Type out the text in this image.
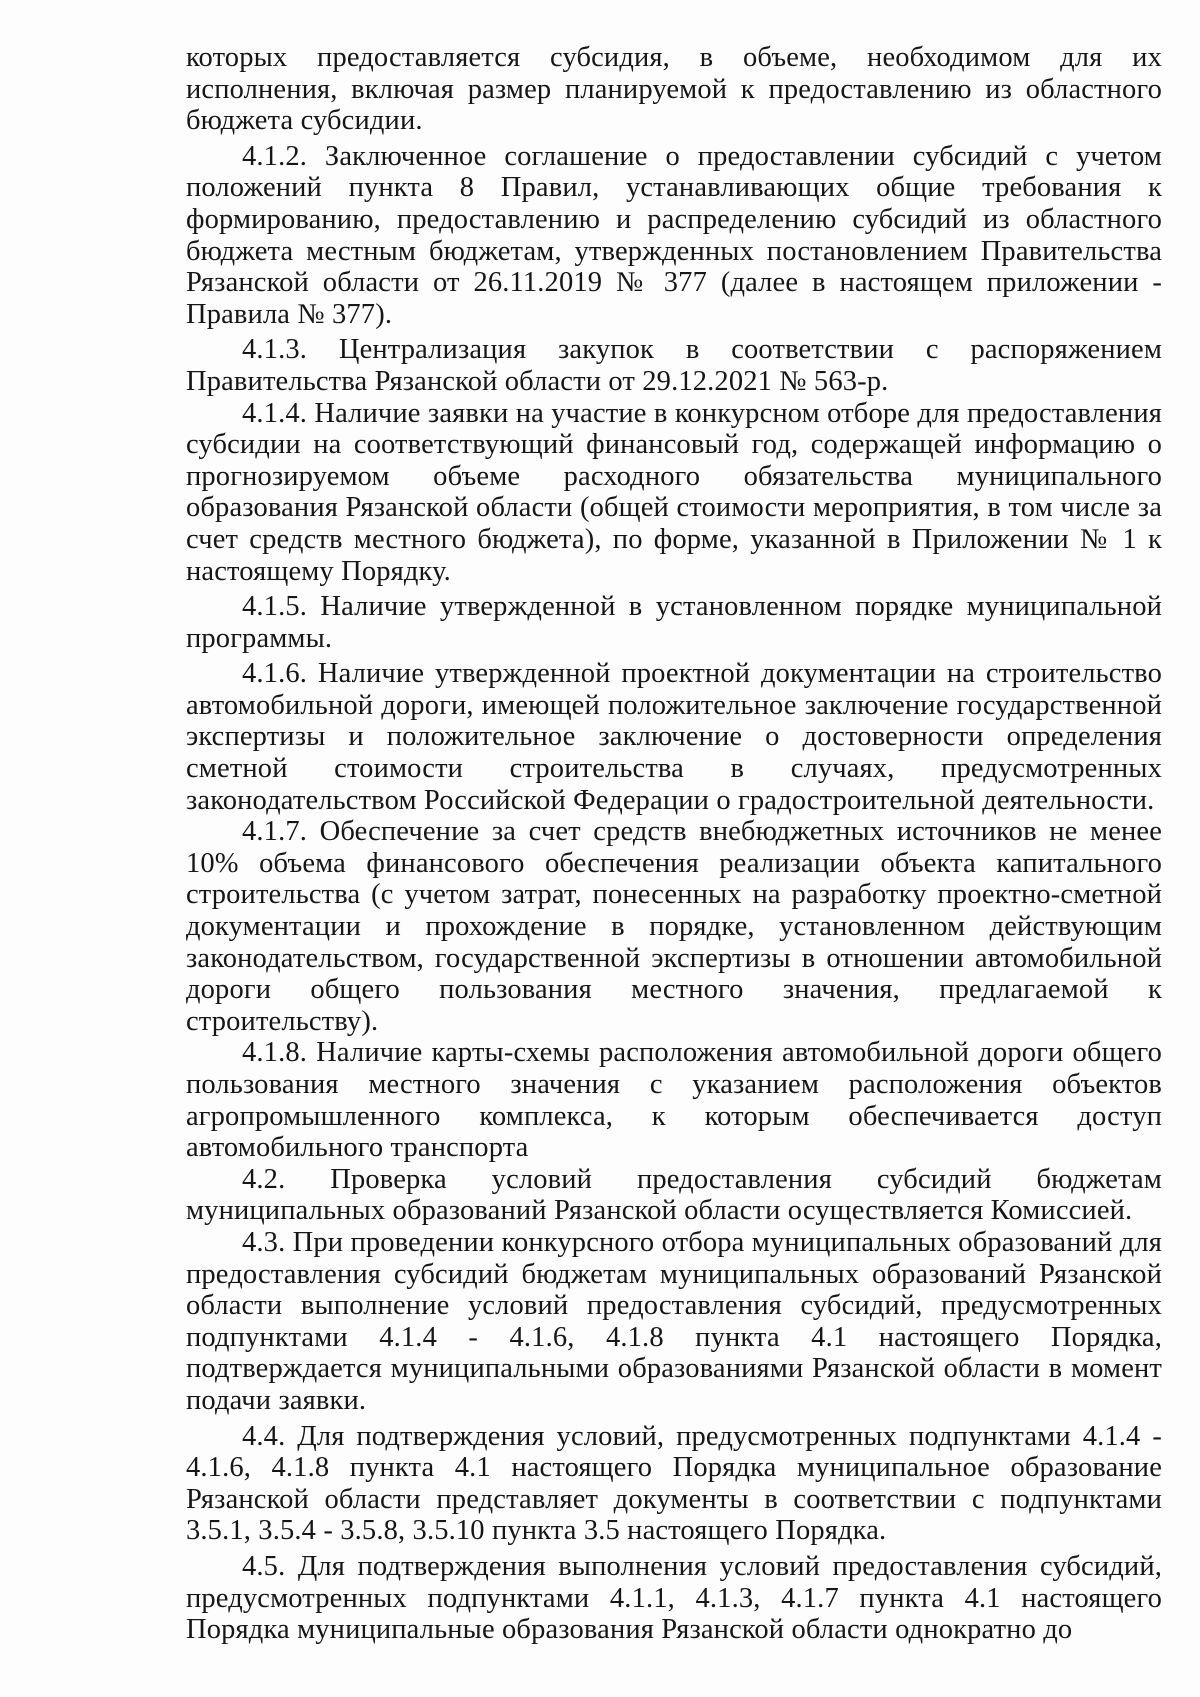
которых предоставляется субсидия, в объеме, необходимом для их исполнения, включая размер планируемой к предоставлению из областного бюджета субсидии.

4.1.2. Заключенное соглашение о предоставлении субсидий с учетом положений пункта 8 Правил, устанавливающих общие требования к формированию, предоставлению и распределению субсидий из областного бюджета местным бюджетам, утвержденных постановлением Правительства Рязанской области от 26.11.2019 № 377 (далее в настоящем приложении - Правила № 377).

4.1.3. Централизация закупок в соответствии с распоряжением Правительства Рязанской области от 29.12.2021 № 563-р.

4.1.4. Наличие заявки на участие в конкурсном отборе для предоставления субсидии на соответствующий финансовый год, содержащей информацию о прогнозируемом объеме расходного обязательства муниципального образования Рязанской области (общей стоимости мероприятия, в том числе за счет средств местного бюджета), по форме, указанной в Приложении № 1 к настоящему Порядку.

4.1.5. Наличие утвержденной в установленном порядке муниципальной программы.

4.1.6. Наличие утвержденной проектной документации на строительство автомобильной дороги, имеющей положительное заключение государственной экспертизы и положительное заключение о достоверности определения сметной стоимости строительства в случаях, предусмотренных законодательством Российской Федерации о градостроительной деятельности.

4.1.7. Обеспечение за счет средств внебюджетных источников не менее 10% объема финансового обеспечения реализации объекта капитального строительства (с учетом затрат, понесенных на разработку проектно-сметной документации и прохождение в порядке, установленном действующим законодательством, государственной экспертизы в отношении автомобильной дороги общего пользования местного значения, предлагаемой к строительству).

4.1.8. Наличие карты-схемы расположения автомобильной дороги общего пользования местного значения с указанием расположения объектов агропромышленного комплекса, к которым обеспечивается доступ автомобильного транспорта

4.2. Проверка условий предоставления субсидий бюджетам муниципальных образований Рязанской области осуществляется Комиссией.

4.3. При проведении конкурсного отбора муниципальных образований для предоставления субсидий бюджетам муниципальных образований Рязанской области выполнение условий предоставления субсидий, предусмотренных подпунктами 4.1.4 - 4.1.6, 4.1.8 пункта 4.1 настоящего Порядка, подтверждается муниципальными образованиями Рязанской области в момент подачи заявки.

4.4. Для подтверждения условий, предусмотренных подпунктами 4.1.4 - 4.1.6, 4.1.8 пункта 4.1 настоящего Порядка муниципальное образование Рязанской области представляет документы в соответствии с подпунктами 3.5.1, 3.5.4 - 3.5.8, 3.5.10 пункта 3.5 настоящего Порядка.

4.5. Для подтверждения выполнения условий предоставления субсидий, предусмотренных подпунктами 4.1.1, 4.1.3, 4.1.7 пункта 4.1 настоящего Порядка муниципальные образования Рязанской области однократно до
